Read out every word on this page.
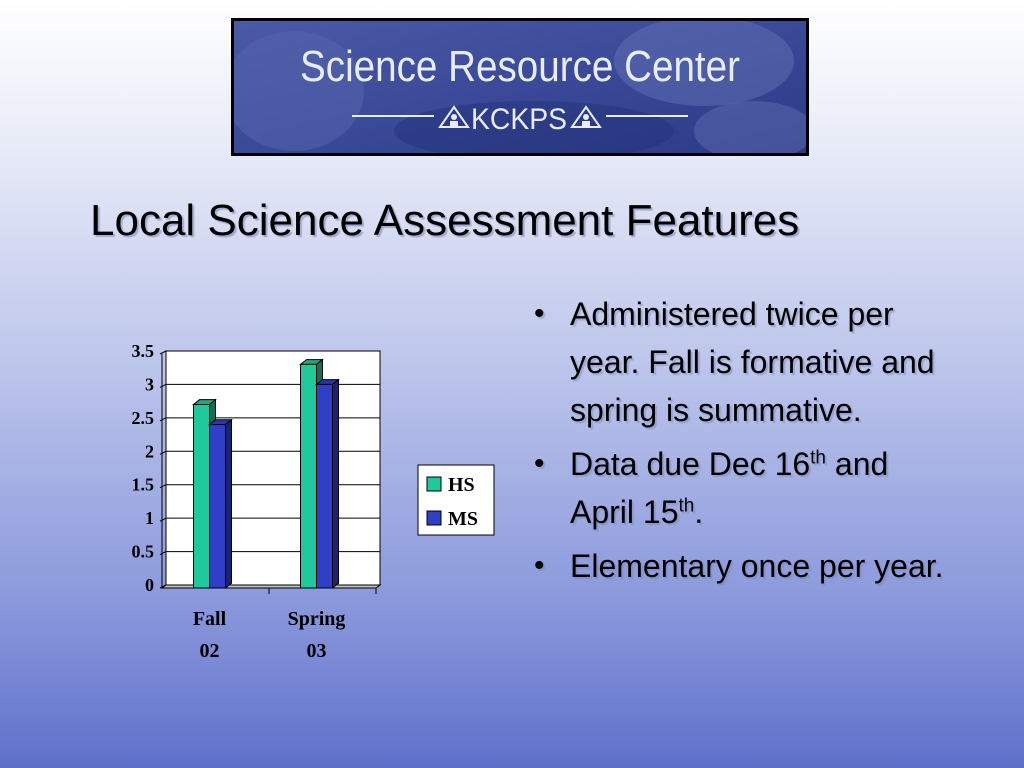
Science Resource Center
KCKPS
Local Science Assessment Features
0
0.5
1
1.5
2
2.5
3
3.5
Fall
02
Spring
03
HS
MS
• Administered twice per year. Fall is formative and spring is summative.
• Data due Dec 16th and April 15th.
• Elementary once per year.
